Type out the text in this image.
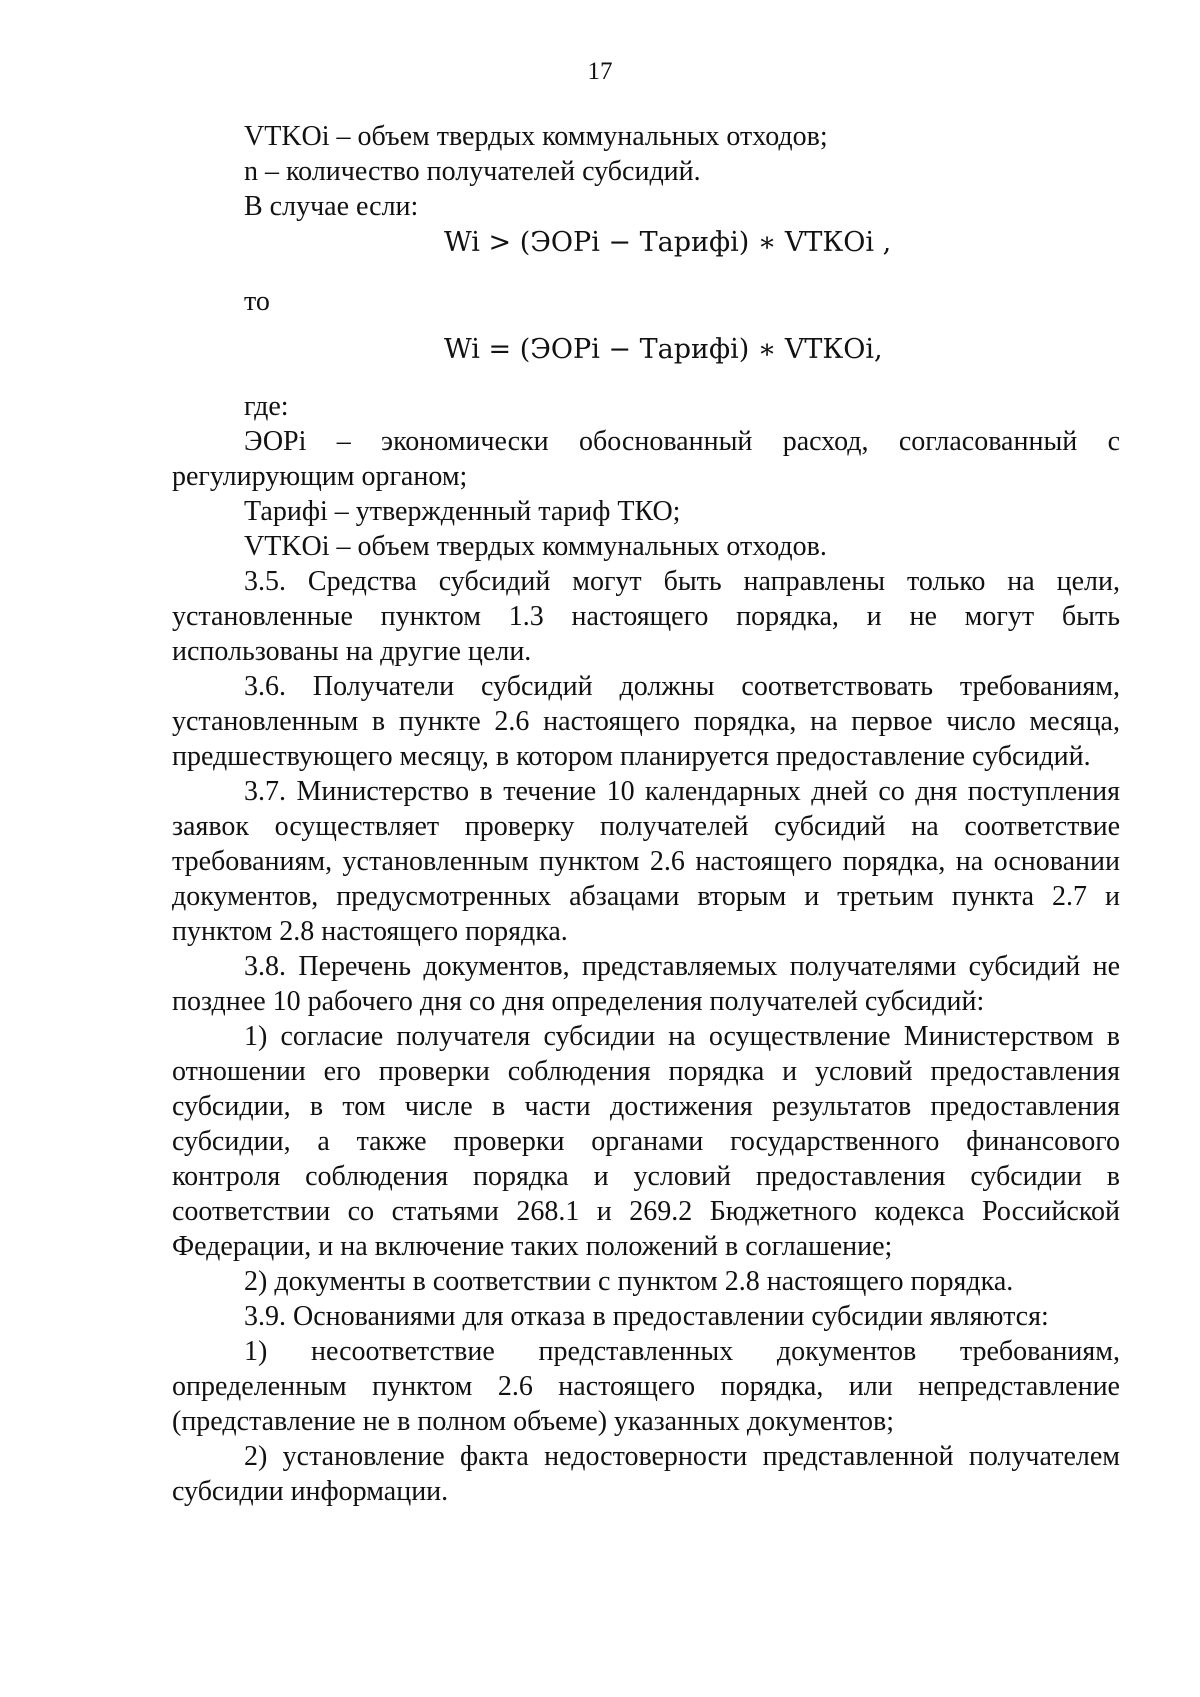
17
VTKOi – объем твердых коммунальных отходов;
n – количество получателей субсидий.
В случае если:
Wi > (ЭОРi − Тарифi) ∗ VТКОi ,
то
Wi = (ЭОРi − Тарифi) ∗ VТКОi,
где:
ЭОРi – экономически обоснованный расход, согласованный с
регулирующим органом;
Тарифi – утвержденный тариф ТКО;
VTKOi – объем твердых коммунальных отходов.
3.5. Средства субсидий могут быть направлены только на цели,
установленные пунктом 1.3 настоящего порядка, и не могут быть
использованы на другие цели.
3.6. Получатели субсидий должны соответствовать требованиям,
установленным в пункте 2.6 настоящего порядка, на первое число месяца,
предшествующего месяцу, в котором планируется предоставление субсидий.
3.7. Министерство в течение 10 календарных дней со дня поступления
заявок осуществляет проверку получателей субсидий на соответствие
требованиям, установленным пунктом 2.6 настоящего порядка, на основании
документов, предусмотренных абзацами вторым и третьим пункта 2.7 и
пунктом 2.8 настоящего порядка.
3.8. Перечень документов, представляемых получателями субсидий не
позднее 10 рабочего дня со дня определения получателей субсидий:
1) согласие получателя субсидии на осуществление Министерством в
отношении его проверки соблюдения порядка и условий предоставления
субсидии, в том числе в части достижения результатов предоставления
субсидии, а также проверки органами государственного финансового
контроля соблюдения порядка и условий предоставления субсидии в
соответствии со статьями 268.1 и 269.2 Бюджетного кодекса Российской
Федерации, и на включение таких положений в соглашение;
2) документы в соответствии с пунктом 2.8 настоящего порядка.
3.9. Основаниями для отказа в предоставлении субсидии являются:
1) несоответствие представленных документов требованиям,
определенным пунктом 2.6 настоящего порядка, или непредставление
(представление не в полном объеме) указанных документов;
2) установление факта недостоверности представленной получателем
субсидии информации.
